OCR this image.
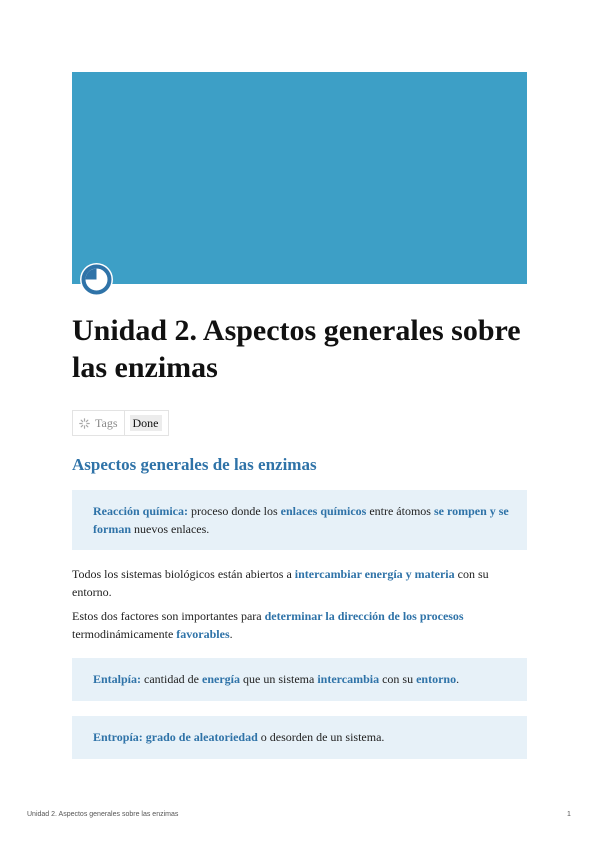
Unidad 2. Aspectos generales sobre las enzimas
Tags Done
Aspectos generales de las enzimas

Reacción química: proceso donde los enlaces químicos entre átomos se rompen y se forman nuevos enlaces.

Todos los sistemas biológicos están abiertos a intercambiar energía y materia con su entorno.

Estos dos factores son importantes para determinar la dirección de los procesos termodinámicamente favorables.

Entalpía: cantidad de energía que un sistema intercambia con su entorno.

Entropía: grado de aleatoriedad o desorden de un sistema.

Unidad 2. Aspectos generales sobre las enzimas	1
